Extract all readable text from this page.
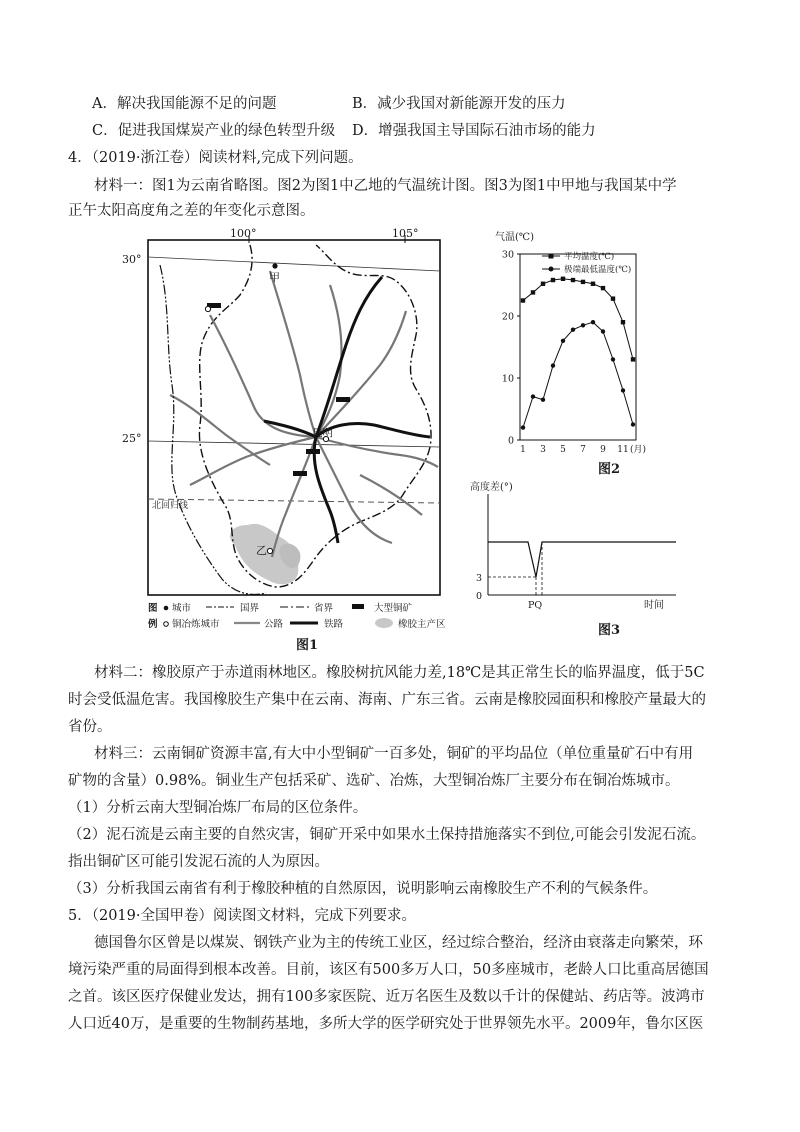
A．解决我国能源不足的问题	B．减少我国对新能源开发的压力
C．促进我国煤炭产业的绿色转型升级 D．增强我国主导国际石油市场的能力
4．（2019·浙江卷）阅读材料,完成下列问题。
材料一：图1为云南省略图。图2为图1中乙地的气温统计图。图3为图1中甲地与我国某中学
正午太阳高度角之差的年变化示意图。
100°	105°
30°
25°
北回归线
甲
昆明
乙
图
例
城市	国界	省界	大型铜矿
铜冶炼城市	公路	铁路	橡胶主产区
图1
气温(℃)
0
10
20
30
1 3 5 7 9 11 (月)
平均温度(℃)
极端最低温度(℃)
图2
高度差(°)
3
0
PQ	时间
图3
材料二：橡胶原产于赤道雨林地区。橡胶树抗风能力差,18℃是其正常生长的临界温度，低于5C
时会受低温危害。我国橡胶生产集中在云南、海南、广东三省。云南是橡胶园面积和橡胶产量最大的
省份。
材料三：云南铜矿资源丰富,有大中小型铜矿一百多处，铜矿的平均品位（单位重量矿石中有用
矿物的含量）0.98%。铜业生产包括采矿、选矿、冶炼，大型铜冶炼厂主要分布在铜冶炼城市。
（1）分析云南大型铜冶炼厂布局的区位条件。
（2）泥石流是云南主要的自然灾害，铜矿开采中如果水土保持措施落实不到位,可能会引发泥石流。
指出铜矿区可能引发泥石流的人为原因。
（3）分析我国云南省有利于橡胶种植的自然原因，说明影响云南橡胶生产不利的气候条件。
5．（2019·全国甲卷）阅读图文材料，完成下列要求。
德国鲁尔区曾是以煤炭、钢铁产业为主的传统工业区，经过综合整治，经济由衰落走向繁荣，环
境污染严重的局面得到根本改善。目前，该区有500多万人口，50多座城市，老龄人口比重高居德国
之首。该区医疗保健业发达，拥有100多家医院、近万名医生及数以千计的保健站、药店等。波鸿市
人口近40万，是重要的生物制药基地，多所大学的医学研究处于世界领先水平。2009年，鲁尔区医
